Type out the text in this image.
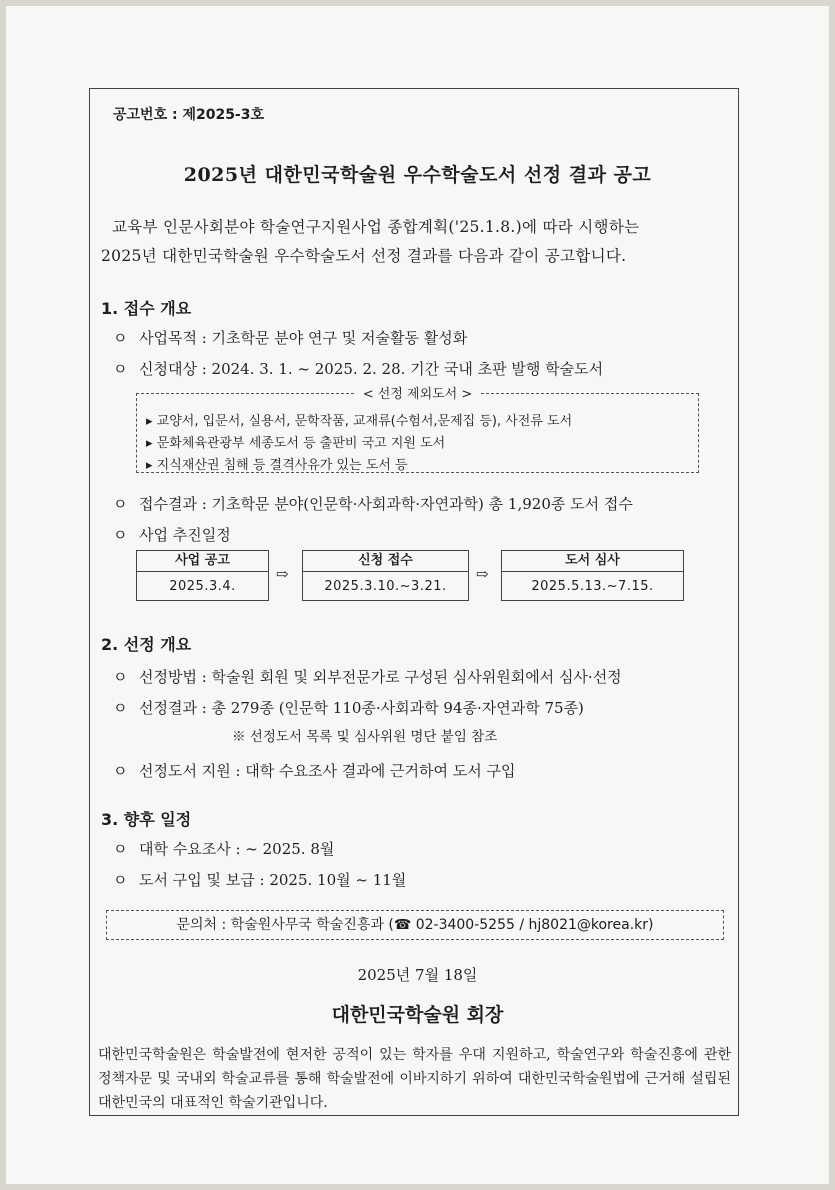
공고번호 : 제2025-3호
2025년 대한민국학술원 우수학술도서 선정 결과 공고
교육부 인문사회분야 학술연구지원사업 종합계획('25.1.8.)에 따라 시행하는
2025년 대한민국학술원 우수학술도서 선정 결과를 다음과 같이 공고합니다.
1. 접수 개요
ㅇ 사업목적 : 기초학문 분야 연구 및 저술활동 활성화
ㅇ 신청대상 : 2024. 3. 1. ~ 2025. 2. 28. 기간 국내 초판 발행 학술도서
< 선정 제외도서 >
▸ 교양서, 입문서, 실용서, 문학작품, 교재류(수험서,문제집 등), 사전류 도서
▸ 문화체육관광부 세종도서 등 출판비 국고 지원 도서
▸ 지식재산권 침해 등 결격사유가 있는 도서 등
ㅇ 접수결과 : 기초학문 분야(인문학·사회과학·자연과학) 총 1,920종 도서 접수
ㅇ 사업 추진일정
사업 공고
2025.3.4.
⇨
신청 접수
2025.3.10.~3.21.
⇨
도서 심사
2025.5.13.~7.15.
2. 선정 개요
ㅇ 선정방법 : 학술원 회원 및 외부전문가로 구성된 심사위원회에서 심사·선정
ㅇ 선정결과 : 총 279종 (인문학 110종·사회과학 94종·자연과학 75종)
※ 선정도서 목록 및 심사위원 명단 붙임 참조
ㅇ 선정도서 지원 : 대학 수요조사 결과에 근거하여 도서 구입
3. 향후 일정
ㅇ 대학 수요조사 : ~ 2025. 8월
ㅇ 도서 구입 및 보급 : 2025. 10월 ~ 11월
문의처 : 학술원사무국 학술진흥과 (☎ 02-3400-5255 / hj8021@korea.kr)
2025년 7월 18일
대한민국학술원 회장
대한민국학술원은 학술발전에 현저한 공적이 있는 학자를 우대 지원하고, 학술연구와 학술진흥에 관한 정책자문 및 국내외 학술교류를 통해 학술발전에 이바지하기 위하여 대한민국학술원법에 근거해 설립된 대한민국의 대표적인 학술기관입니다.
